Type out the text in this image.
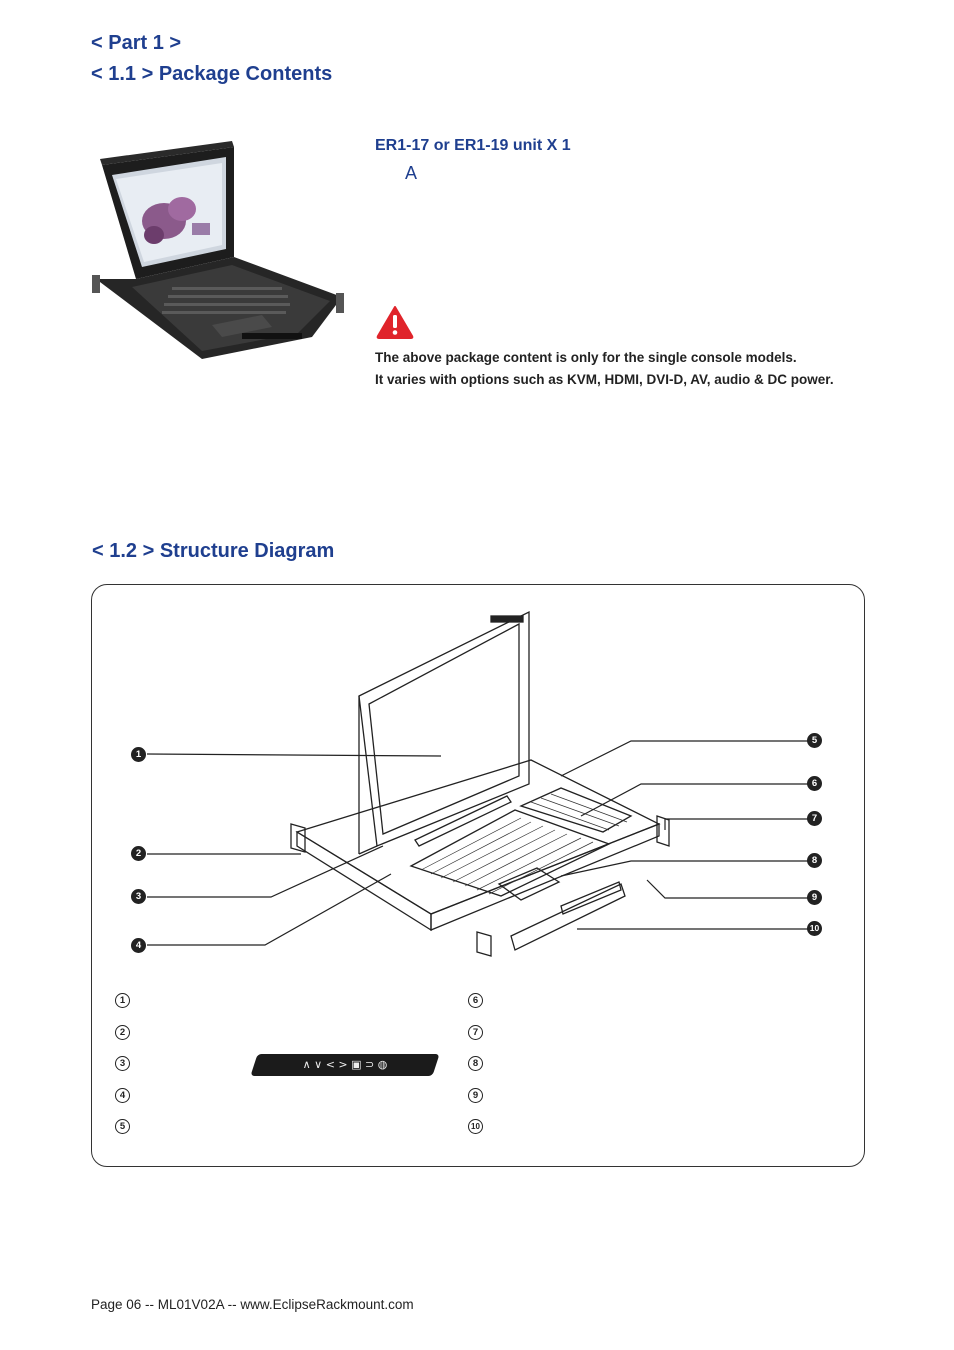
< Part 1 >
< 1.1 > Package Contents
ER1-17 or ER1-19 unit X 1
A
The above package content is only for the single console models.
It varies with options such as KVM, HDMI, DVI-D, AV, audio & DC power.
< 1.2 > Structure Diagram
1
2
3
4
5
6
7
8
9
10
1
2
3
4
5
6
7
8
9
10
∧ ∨ < > ▣ ⊃ ◍
Page 06 -- ML01V02A -- www.EclipseRackmount.com
